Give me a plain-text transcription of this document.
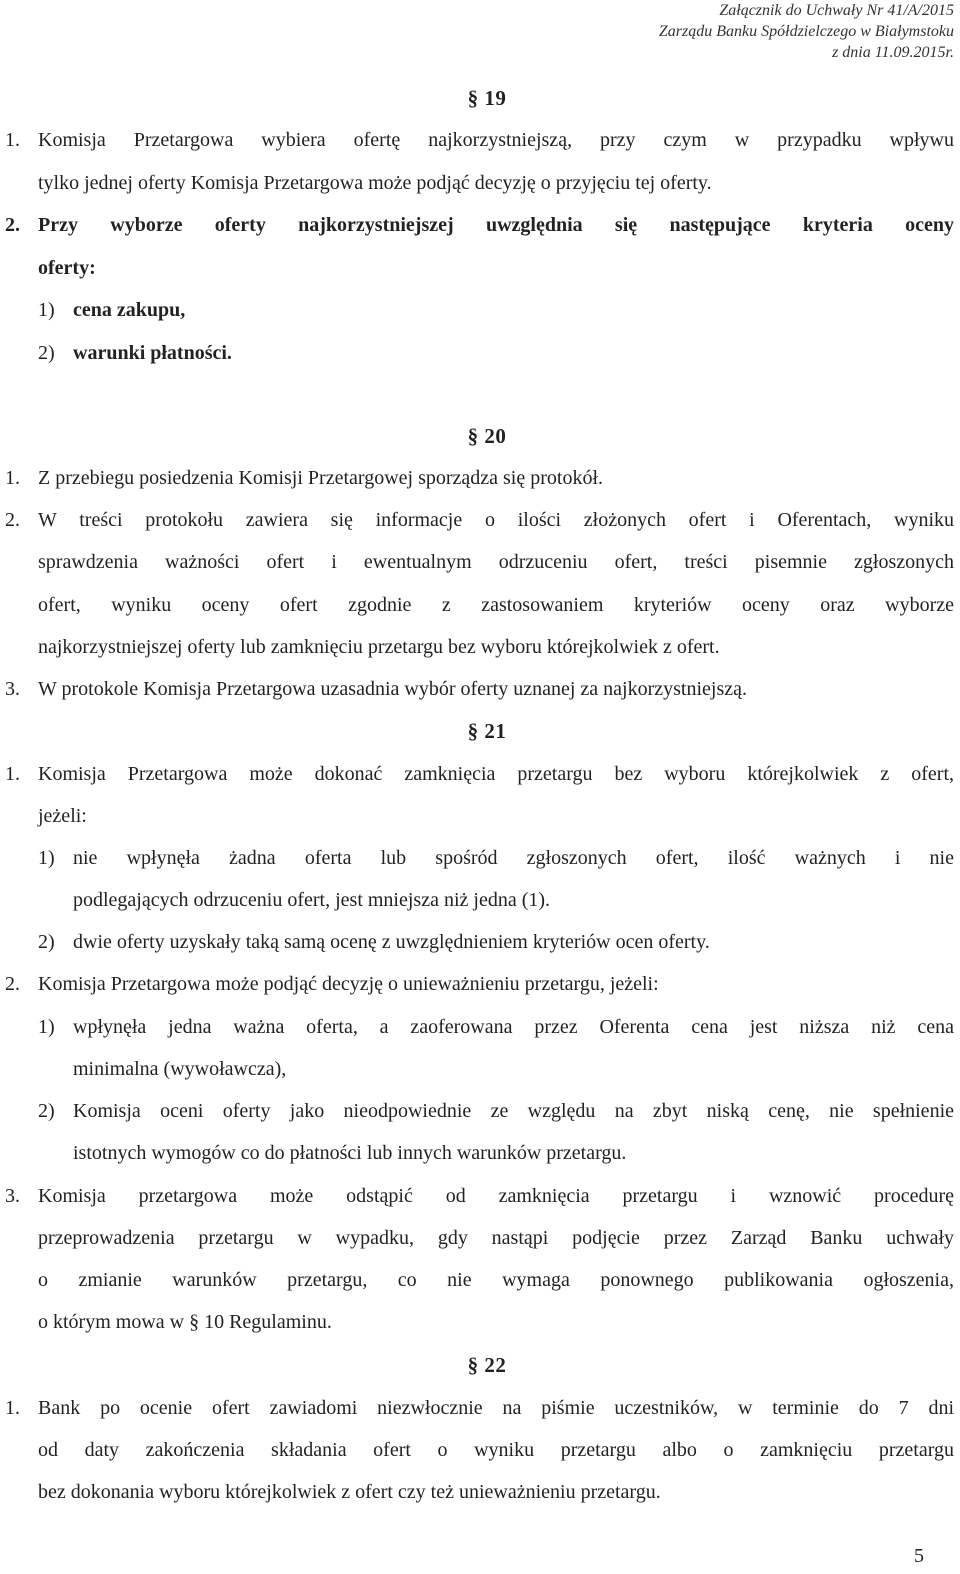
Załącznik do Uchwały Nr 41/A/2015
Zarządu Banku Spółdzielczego w Białymstoku
z dnia 11.09.2015r.
§ 19
1. Komisja Przetargowa wybiera ofertę najkorzystniejszą, przy czym w przypadku wpływu
tylko jednej oferty Komisja Przetargowa może podjąć decyzję o przyjęciu tej oferty.
2. Przy wyborze oferty najkorzystniejszej uwzględnia się następujące kryteria oceny
oferty:
1) cena zakupu,
2) warunki płatności.
§ 20
1. Z przebiegu posiedzenia Komisji Przetargowej sporządza się protokół.
2. W treści protokołu zawiera się informacje o ilości złożonych ofert i Oferentach, wyniku
sprawdzenia ważności ofert i ewentualnym odrzuceniu ofert, treści pisemnie zgłoszonych
ofert, wyniku oceny ofert zgodnie z zastosowaniem kryteriów oceny oraz wyborze
najkorzystniejszej oferty lub zamknięciu przetargu bez wyboru którejkolwiek z ofert.
3. W protokole Komisja Przetargowa uzasadnia wybór oferty uznanej za najkorzystniejszą.
§ 21
1. Komisja Przetargowa może dokonać zamknięcia przetargu bez wyboru którejkolwiek z ofert,
jeżeli:
1) nie wpłynęła żadna oferta lub spośród zgłoszonych ofert, ilość ważnych i nie
podlegających odrzuceniu ofert, jest mniejsza niż jedna (1).
2) dwie oferty uzyskały taką samą ocenę z uwzględnieniem kryteriów ocen oferty.
2. Komisja Przetargowa może podjąć decyzję o unieważnieniu przetargu, jeżeli:
1) wpłynęła jedna ważna oferta, a zaoferowana przez Oferenta cena jest niższa niż cena
minimalna (wywoławcza),
2) Komisja oceni oferty jako nieodpowiednie ze względu na zbyt niską cenę, nie spełnienie
istotnych wymogów co do płatności lub innych warunków przetargu.
3. Komisja przetargowa może odstąpić od zamknięcia przetargu i wznowić procedurę
przeprowadzenia przetargu w wypadku, gdy nastąpi podjęcie przez Zarząd Banku uchwały
o zmianie warunków przetargu, co nie wymaga ponownego publikowania ogłoszenia,
o którym mowa w § 10 Regulaminu.
§ 22
1. Bank po ocenie ofert zawiadomi niezwłocznie na piśmie uczestników, w terminie do 7 dni
od daty zakończenia składania ofert o wyniku przetargu albo o zamknięciu przetargu
bez dokonania wyboru którejkolwiek z ofert czy też unieważnieniu przetargu.
5
